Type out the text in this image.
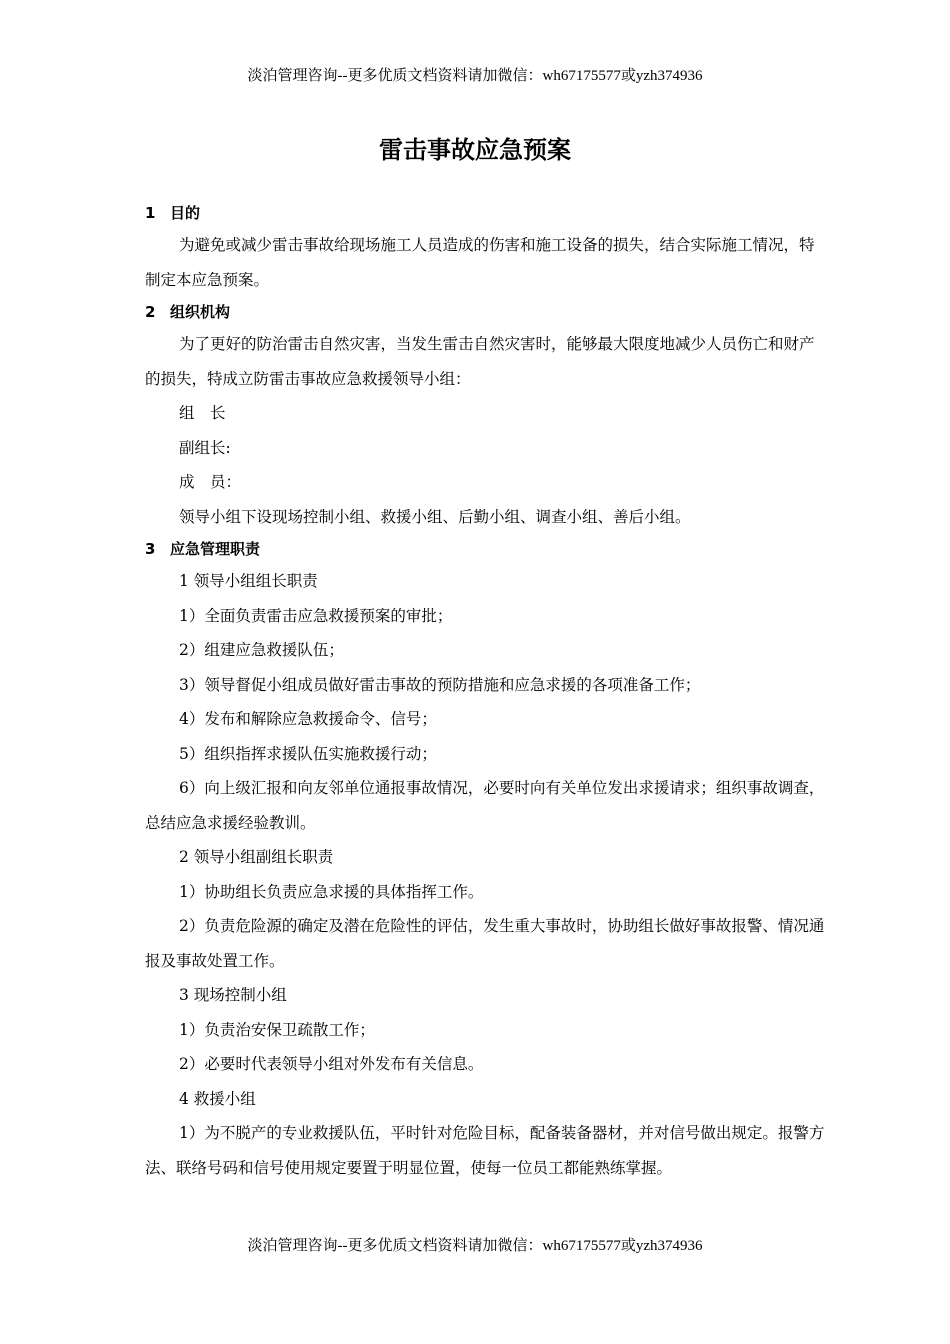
淡泊管理咨询--更多优质文档资料请加微信：wh67175577或yzh374936
雷击事故应急预案
1 目的

为避免或减少雷击事故给现场施工人员造成的伤害和施工设备的损失，结合实际施工情况，特制定本应急预案。

2 组织机构

为了更好的防治雷击自然灾害，当发生雷击自然灾害时，能够最大限度地减少人员伤亡和财产的损失，特成立防雷击事故应急救援领导小组：

组　长

副组长:

成　员：

领导小组下设现场控制小组、救援小组、后勤小组、调查小组、善后小组。

3 应急管理职责

1 领导小组组长职责

1）全面负责雷击应急救援预案的审批；

2）组建应急救援队伍；

3）领导督促小组成员做好雷击事故的预防措施和应急求援的各项准备工作；

4）发布和解除应急救援命令、信号；

5）组织指挥求援队伍实施救援行动；

6）向上级汇报和向友邻单位通报事故情况，必要时向有关单位发出求援请求；组织事故调查，总结应急求援经验教训。

2 领导小组副组长职责

1）协助组长负责应急求援的具体指挥工作。

2）负责危险源的确定及潜在危险性的评估，发生重大事故时，协助组长做好事故报警、情况通报及事故处置工作。

3 现场控制小组

1）负责治安保卫疏散工作；

2）必要时代表领导小组对外发布有关信息。

4 救援小组

1）为不脱产的专业救援队伍，平时针对危险目标，配备装备器材，并对信号做出规定。报警方法、联络号码和信号使用规定要置于明显位置，使每一位员工都能熟练掌握。

淡泊管理咨询--更多优质文档资料请加微信：wh67175577或yzh374936
